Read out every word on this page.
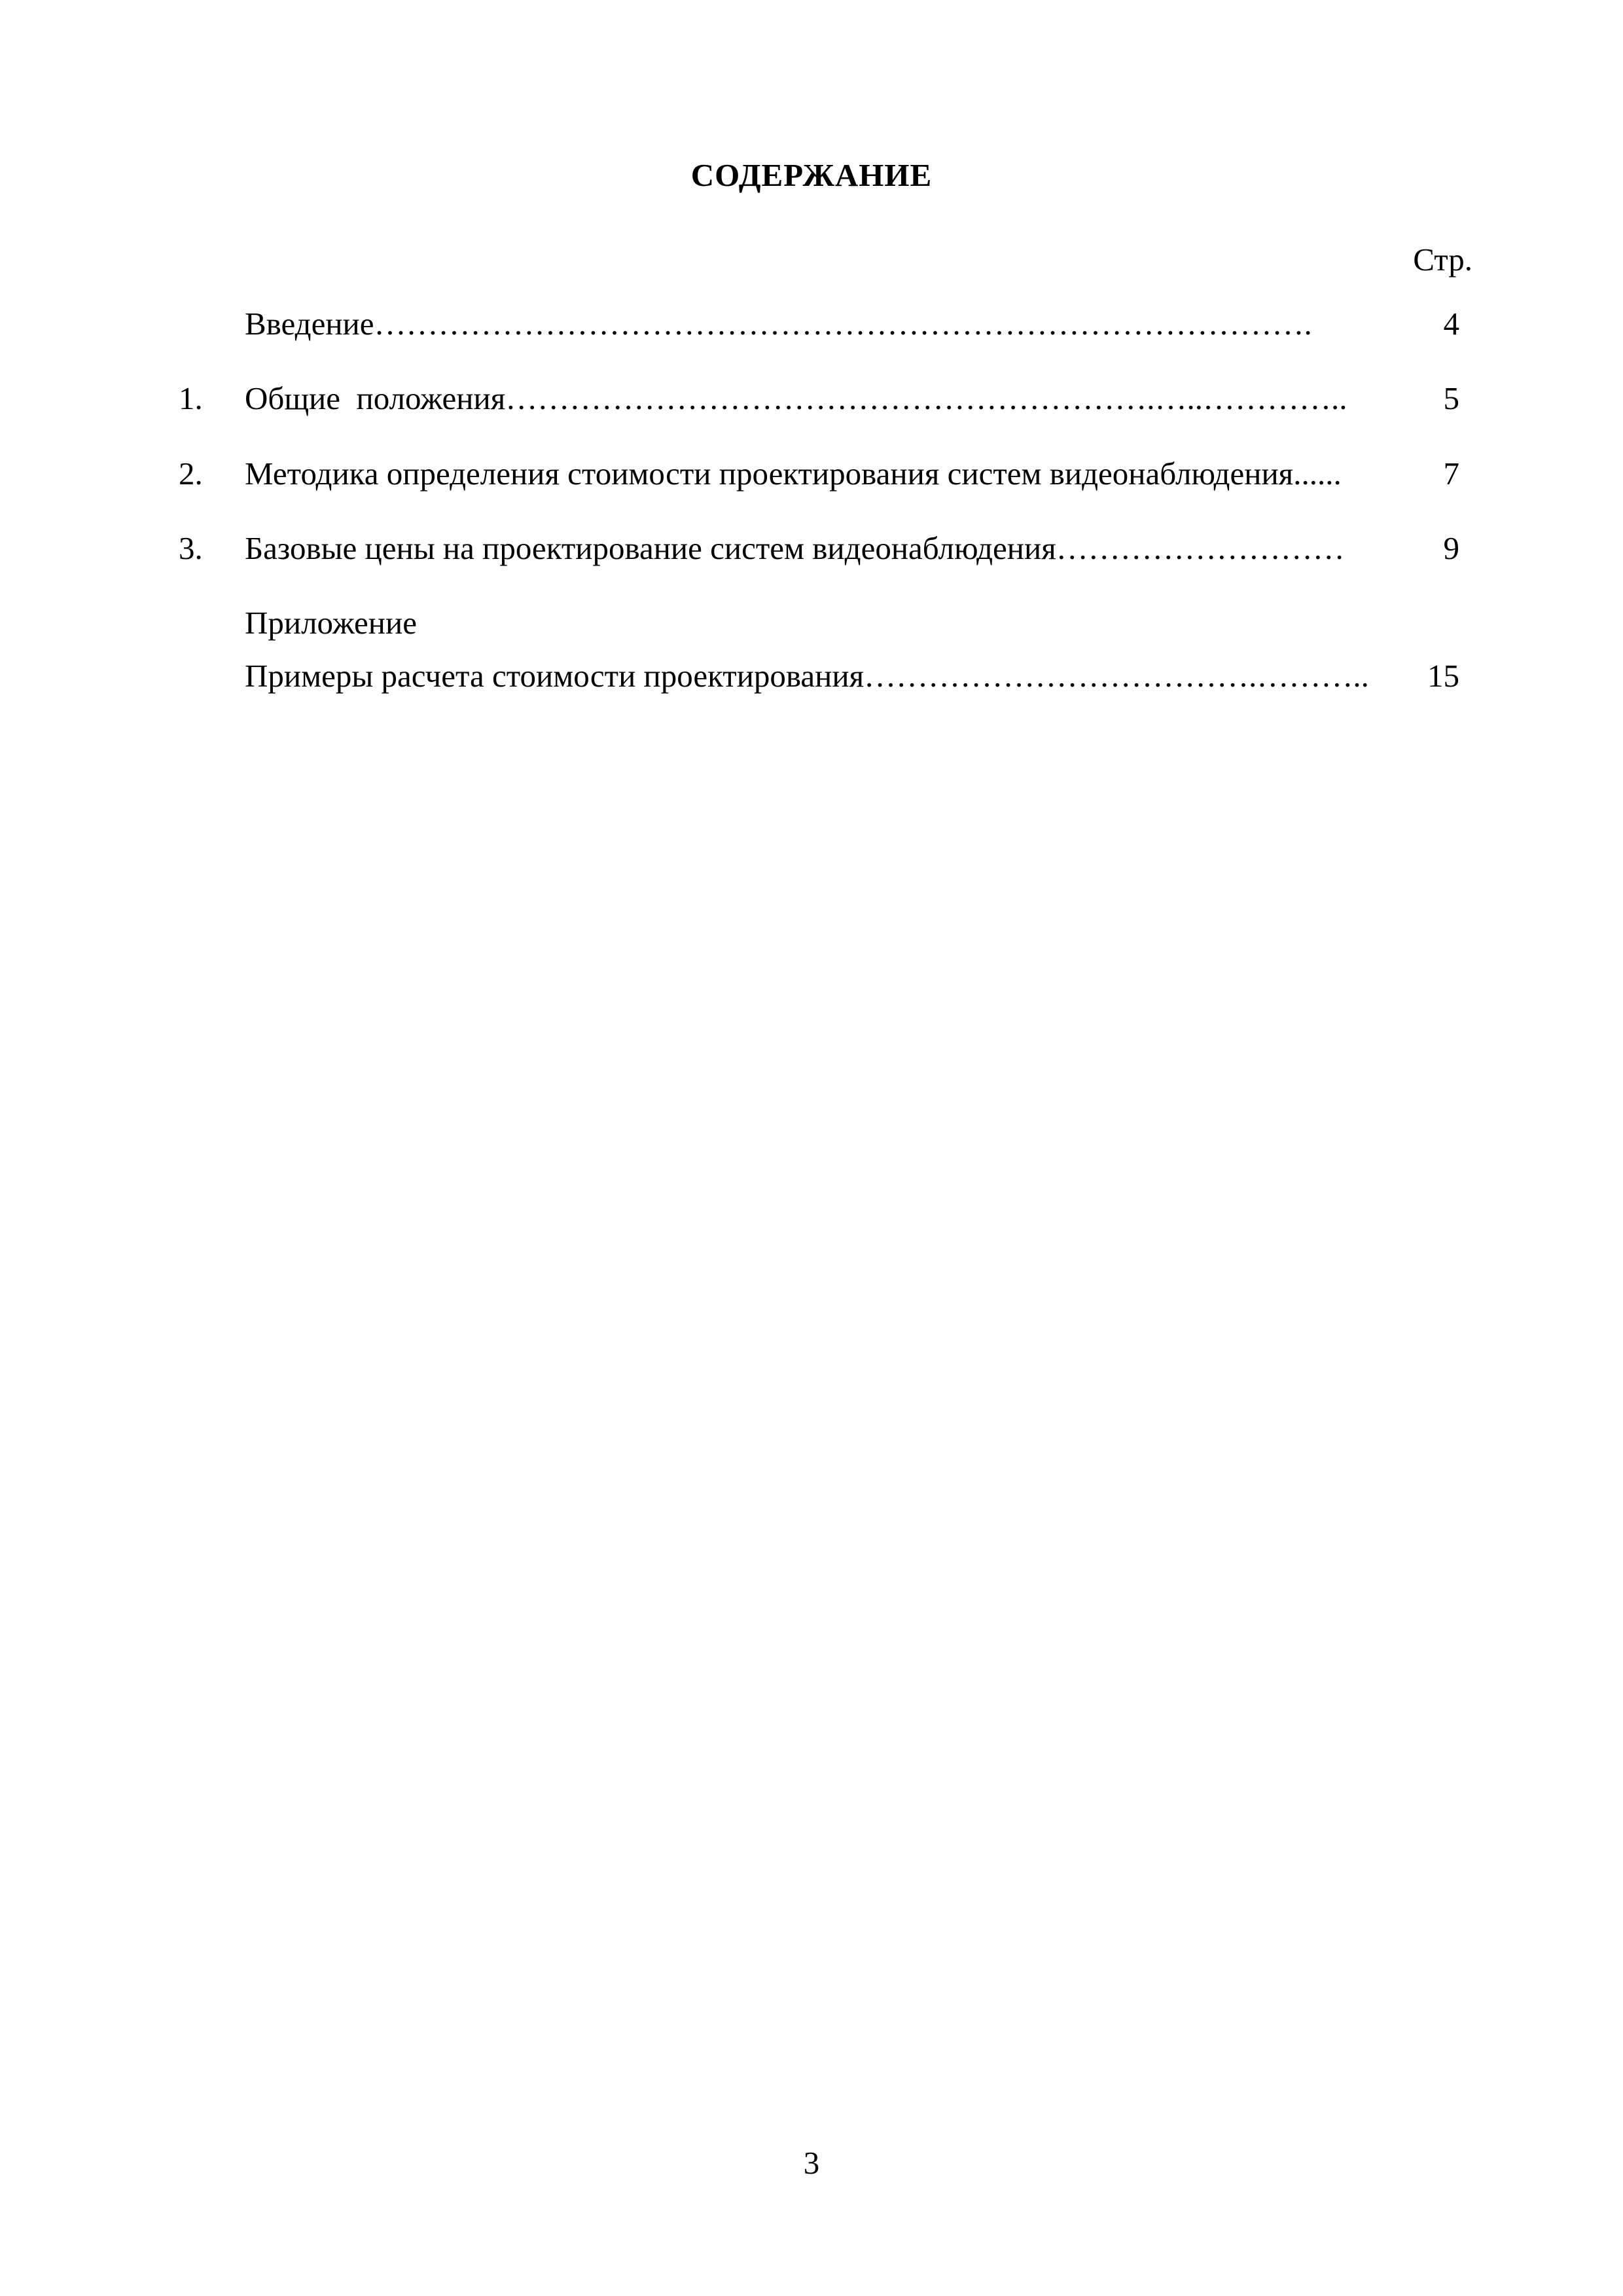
СОДЕРЖАНИЕ
Стр.
Введение…………………………………………………………………………….	4
1.	Общие  положения…………………………………………………….…..…………..	5
2.	Методика определения стоимости проектирования систем видеонаблюдения......	7
3.	Базовые цены на проектирование систем видеонаблюдения………………………	9
Приложение
Примеры расчета стоимости проектирования……………………………….………..	15
3
